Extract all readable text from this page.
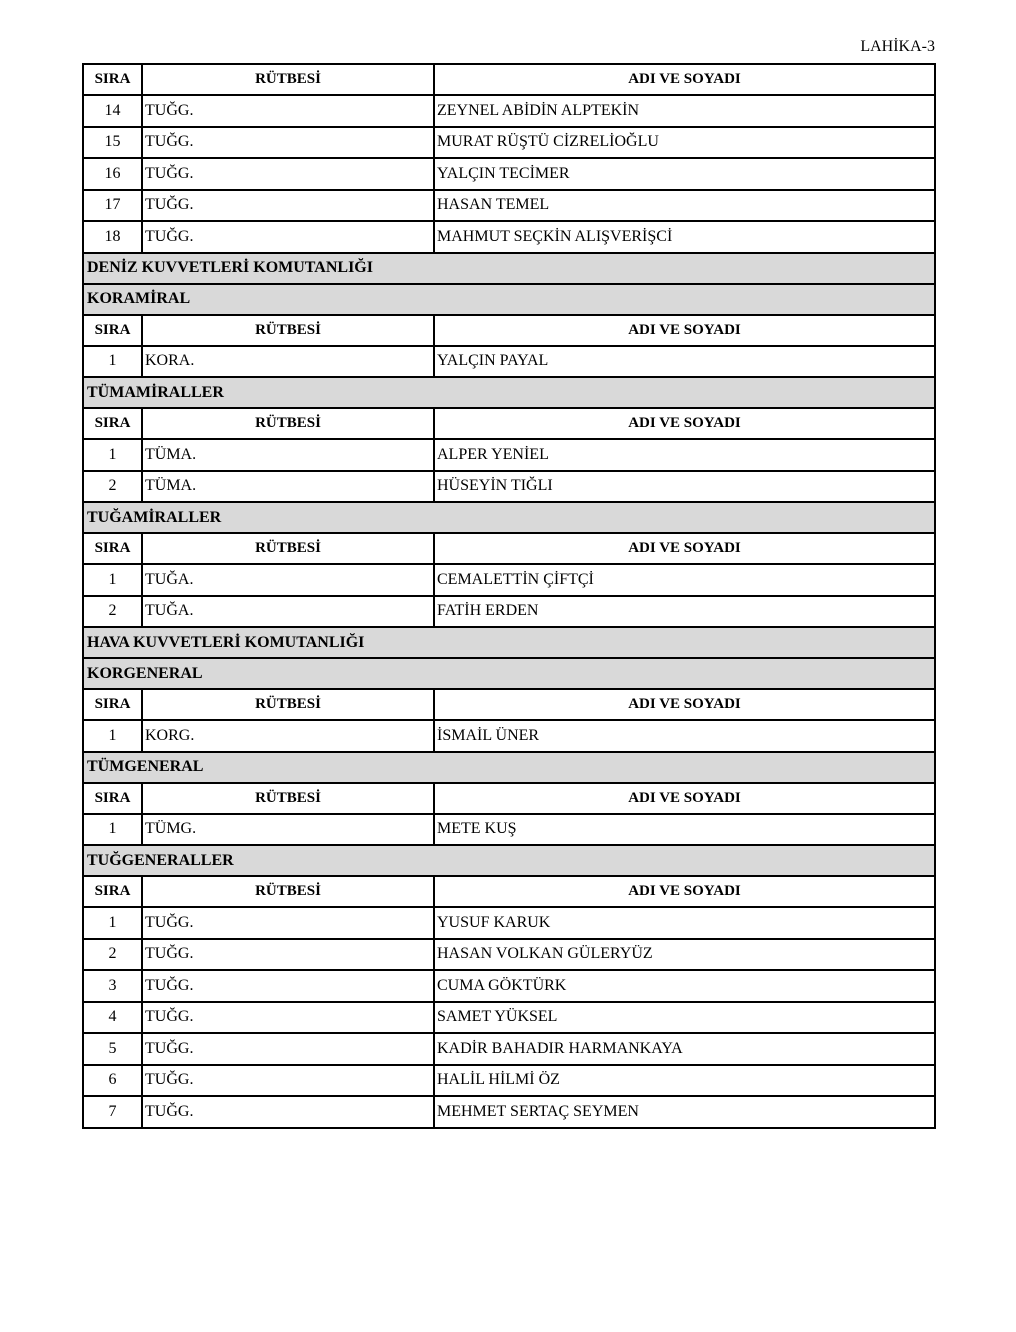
LAHİKA-3
SIRA	RÜTBESİ	ADI VE SOYADI
14	TUĞG.	ZEYNEL ABİDİN ALPTEKİN
15	TUĞG.	MURAT RÜŞTÜ CİZRELİOĞLU
16	TUĞG.	YALÇIN TECİMER
17	TUĞG.	HASAN TEMEL
18	TUĞG.	MAHMUT SEÇKİN ALIŞVERİŞCİ
DENİZ KUVVETLERİ KOMUTANLIĞI		
KORAMİRAL		
SIRA	RÜTBESİ	ADI VE SOYADI
1	KORA.	YALÇIN PAYAL
TÜMAMİRALLER		
SIRA	RÜTBESİ	ADI VE SOYADI
1	TÜMA.	ALPER YENİEL
2	TÜMA.	HÜSEYİN TIĞLI
TUĞAMİRALLER		
SIRA	RÜTBESİ	ADI VE SOYADI
1	TUĞA.	CEMALETTİN ÇİFTÇİ
2	TUĞA.	FATİH ERDEN
HAVA KUVVETLERİ KOMUTANLIĞI		
KORGENERAL		
SIRA	RÜTBESİ	ADI VE SOYADI
1	KORG.	İSMAİL ÜNER
TÜMGENERAL		
SIRA	RÜTBESİ	ADI VE SOYADI
1	TÜMG.	METE KUŞ
TUĞGENERALLER		
SIRA	RÜTBESİ	ADI VE SOYADI
1	TUĞG.	YUSUF KARUK
2	TUĞG.	HASAN VOLKAN GÜLERYÜZ
3	TUĞG.	CUMA GÖKTÜRK
4	TUĞG.	SAMET YÜKSEL
5	TUĞG.	KADİR BAHADIR HARMANKAYA
6	TUĞG.	HALİL HİLMİ ÖZ
7	TUĞG.	MEHMET SERTAÇ SEYMEN
